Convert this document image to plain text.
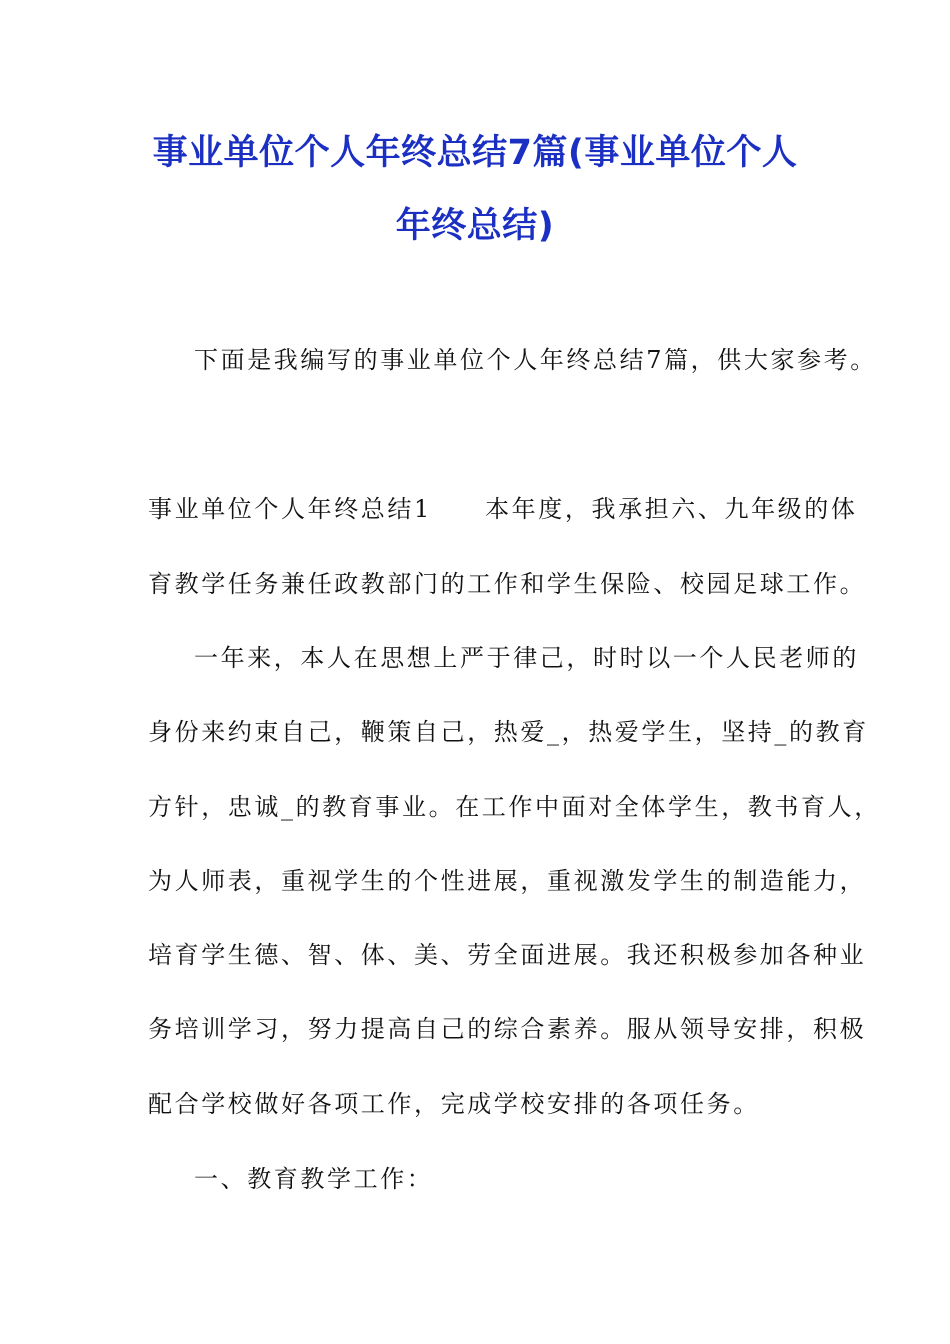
事业单位个人年终总结7篇(事业单位个人
年终总结)
下面是我编写的事业单位个人年终总结7篇，供大家参考。
事业单位个人年终总结1　　本年度，我承担六、九年级的体
育教学任务兼任政教部门的工作和学生保险、校园足球工作。
一年来，本人在思想上严于律己，时时以一个人民老师的
身份来约束自己，鞭策自己，热爱_，热爱学生，坚持_的教育
方针，忠诚_的教育事业。在工作中面对全体学生，教书育人，
为人师表，重视学生的个性进展，重视激发学生的制造能力，
培育学生德、智、体、美、劳全面进展。我还积极参加各种业
务培训学习，努力提高自己的综合素养。服从领导安排，积极
配合学校做好各项工作，完成学校安排的各项任务。
一、教育教学工作：
